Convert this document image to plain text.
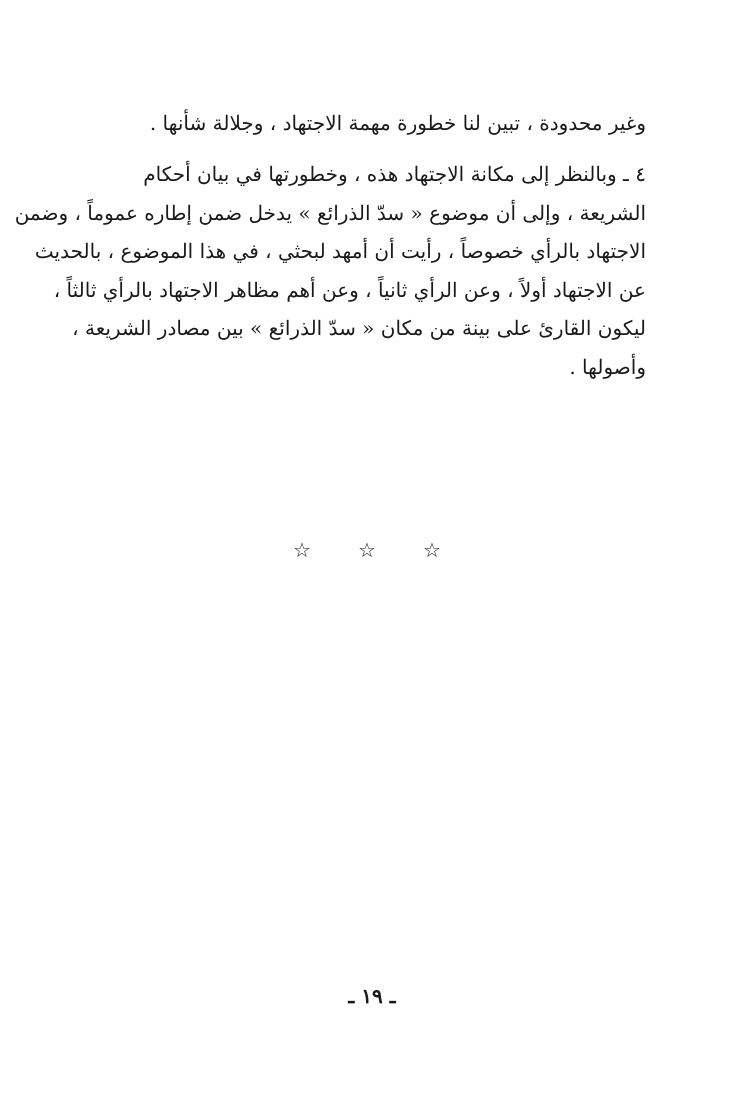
وغير محدودة ، تبين لنا خطورة مهمة الاجتهاد ، وجلالة شأنها .
٤ ـ وبالنظر إلى مكانة الاجتهاد هذه ، وخطورتها في بيان أحكام
الشريعة ، وإلى أن موضوع « سدّ الذرائع » يدخل ضمن إطاره عموماً ، وضمن
الاجتهاد بالرأي خصوصاً ، رأيت أن أمهد لبحثي ، في هذا الموضوع ، بالحديث
عن الاجتهاد أولاً ، وعن الرأي ثانياً ، وعن أهم مظاهر الاجتهاد بالرأي ثالثاً ،
ليكون القارئ على بينة من مكان « سدّ الذرائع » بين مصادر الشريعة ،
وأصولها .
☆ ☆ ☆
ـ ١٩ ـ
